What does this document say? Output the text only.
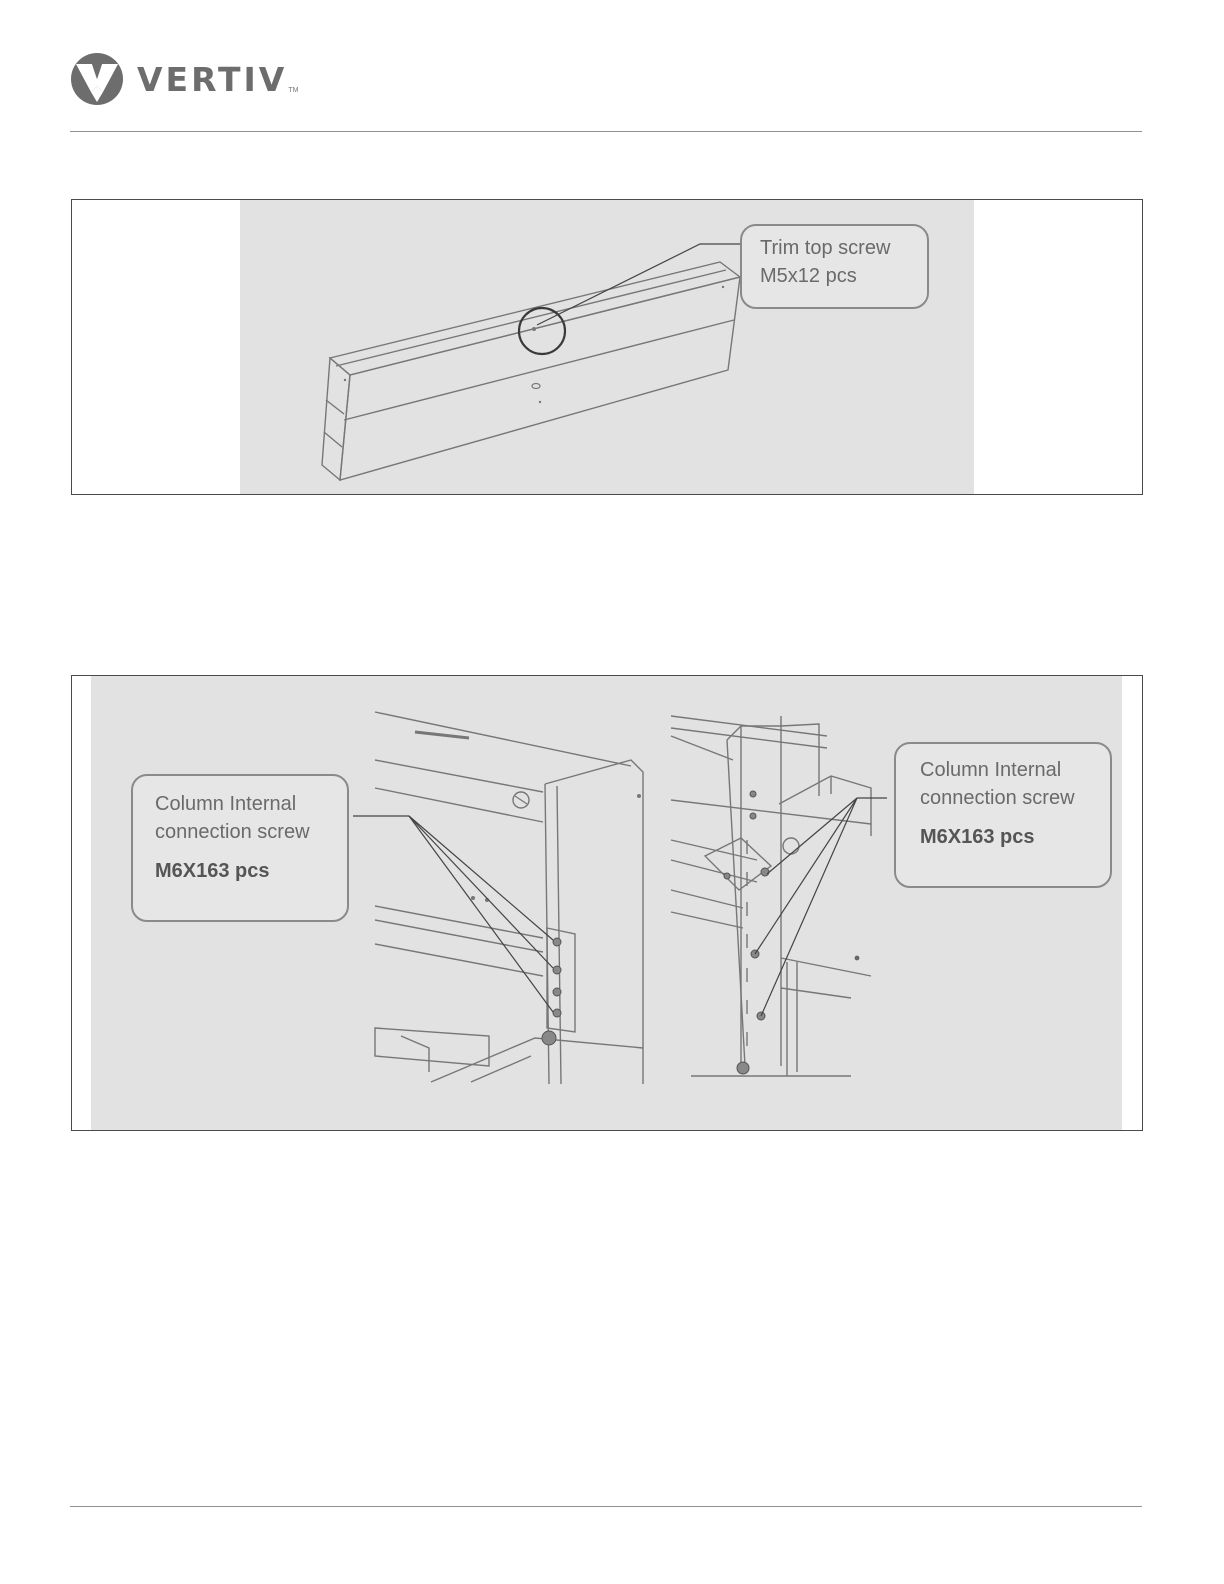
VERTIV TM
Trim top screw
M5x12 pcs
Column Internal
connection screw
M6X163 pcs
Column Internal
connection screw
M6X163 pcs
